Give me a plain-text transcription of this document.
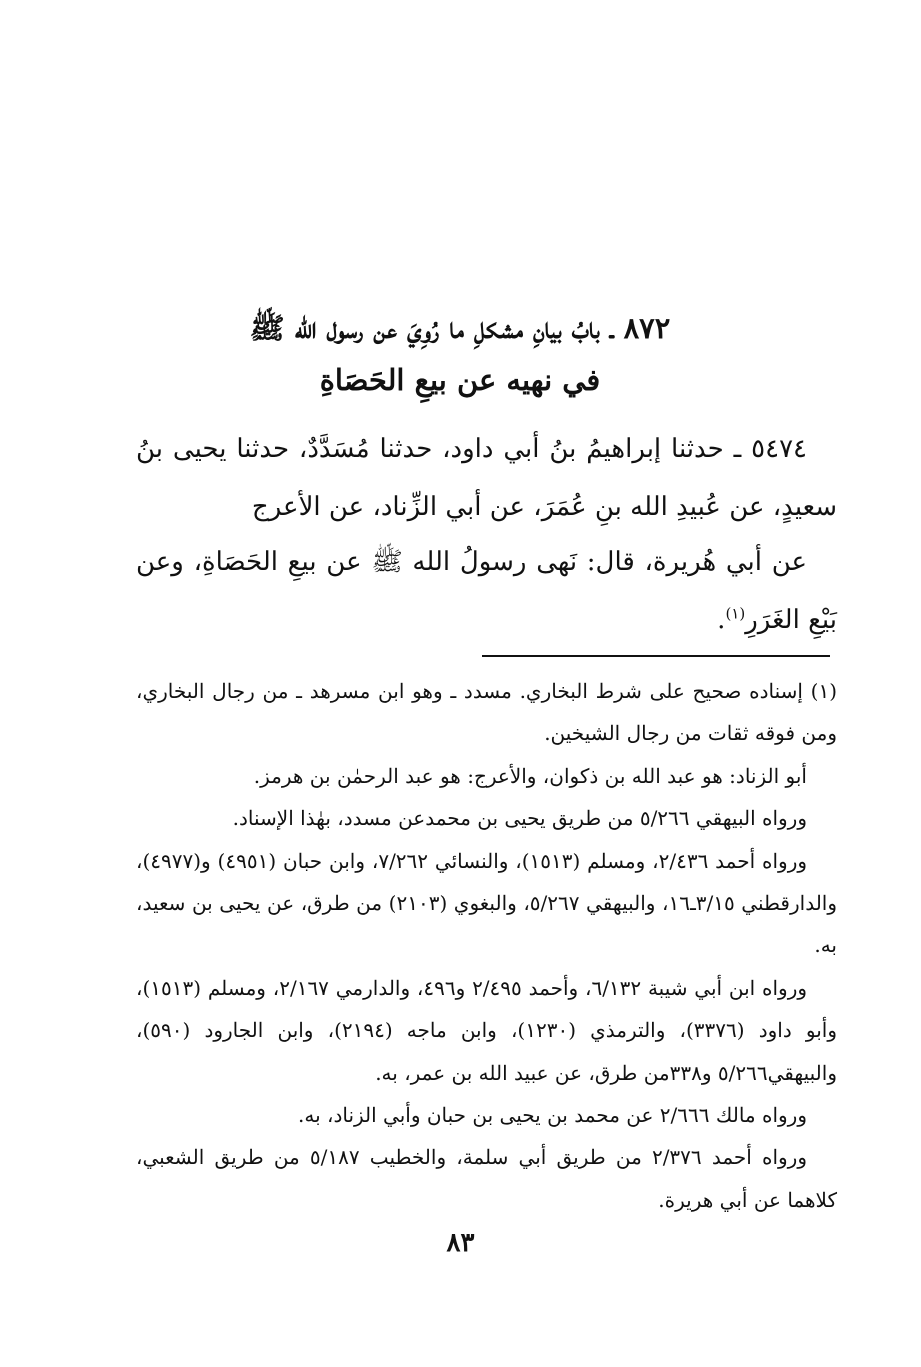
٨٧٢ ـ بابُ بيانِ مشكلِ ما رُوِيَ عن رسول الله ﷺ
في نهيه عن بيعِ الحَصَاةِ
٥٤٧٤ ـ حدثنا إبراهيمُ بنُ أبي داود، حدثنا مُسَدَّدٌ، حدثنا يحيى بنُ سعيدٍ، عن عُبيدِ الله بنِ عُمَرَ، عن أبي الزِّناد، عن الأعرج
عن أبي هُريرة، قال: نَهى رسولُ الله ﷺ عن بيعِ الحَصَاةِ، وعن بَيْعِ الغَرَرِ$^{(١)}$.

(١) إسناده صحيح على شرط البخاري. مسدد ـ وهو ابن مسرهد ـ من رجال البخاري، ومن فوقه ثقات من رجال الشيخين.

أبو الزناد: هو عبد الله بن ذكوان، والأعرج: هو عبد الرحمٰن بن هرمز.

ورواه البيهقي ٥/٢٦٦ من طريق يحيى بن محمدعن مسدد، بهٰذا الإسناد.

ورواه أحمد ٢/٤٣٦، ومسلم (١٥١٣)، والنسائي ٧/٢٦٢، وابن حبان (٤٩٥١) و(٤٩٧٧)، والدارقطني ٣/١٥ـ١٦، والبيهقي ٥/٢٦٧، والبغوي (٢١٠٣) من طرق، عن يحيى بن سعيد، به.

ورواه ابن أبي شيبة ٦/١٣٢، وأحمد ٢/٤٩٥ و٤٩٦، والدارمي ٢/١٦٧، ومسلم (١٥١٣)، وأبو داود (٣٣٧٦)، والترمذي (١٢٣٠)، وابن ماجه (٢١٩٤)، وابن الجارود (٥٩٠)، والبيهقي٥/٢٦٦ و٣٣٨من طرق، عن عبيد الله بن عمر، به.

ورواه مالك ٢/٦٦٦ عن محمد بن يحيى بن حبان وأبي الزناد، به.

ورواه أحمد ٢/٣٧٦ من طريق أبي سلمة، والخطيب ٥/١٨٧ من طريق الشعبي، كلاهما عن أبي هريرة.

٨٣
